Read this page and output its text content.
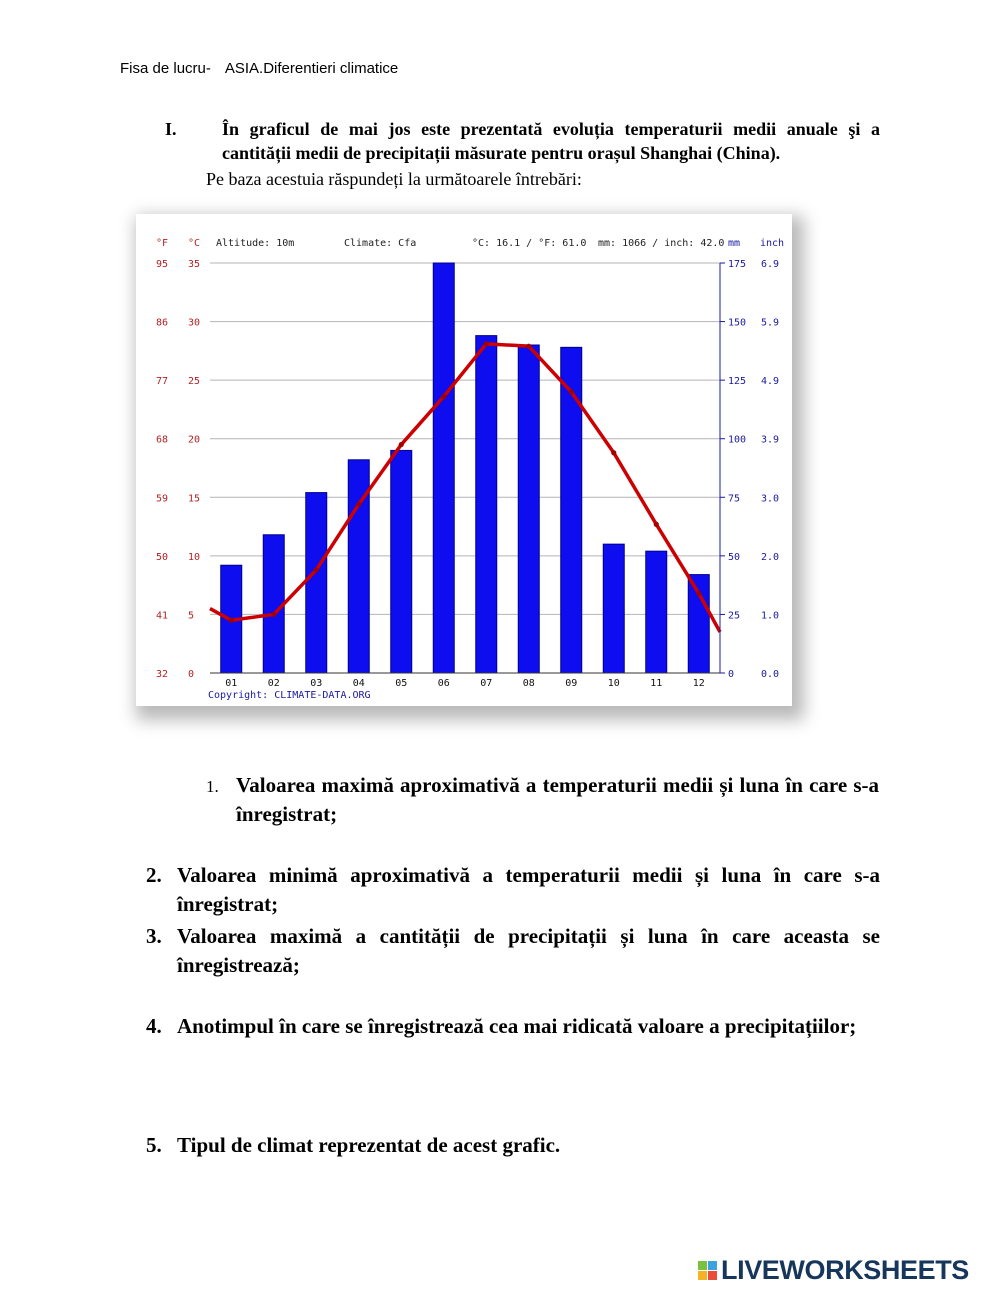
Fisa de lucru- ASIA.Diferentieri climatice
I.	În graficul de mai jos este prezentată evoluția temperaturii medii anuale şi a cantității medii de precipitații măsurate pentru orașul Shanghai (China).
Pe baza acestuia răspundeți la următoarele întrebări:
01	02	03	04	05	06	07	08	09	10	11	12
32 0
41 5
50 10
59 15
68 20
77 25
86 30
95 35
0	0.0
25 1.0
50 2.0
75 3.0
100 3.9
125 4.9
150 5.9
175 6.9
°F °C Altitude: 10m	Climate: Cfa	°C: 16.1 / °F: 61.0 mm: 1066 / inch: 42.0 mm inch
Copyright: CLIMATE-DATA.ORG
1. Valoarea maximă aproximativă a temperaturii medii și luna în care s-a înregistrat;
2. Valoarea minimă aproximativă a temperaturii medii și luna în care s-a înregistrat;
3. Valoarea maximă a cantității de precipitații și luna în care aceasta se înregistrează;
4. Anotimpul în care se înregistrează cea mai ridicată valoare a precipitațiilor;
5. Tipul de climat reprezentat de acest grafic.
LIVEWORKSHEETS
